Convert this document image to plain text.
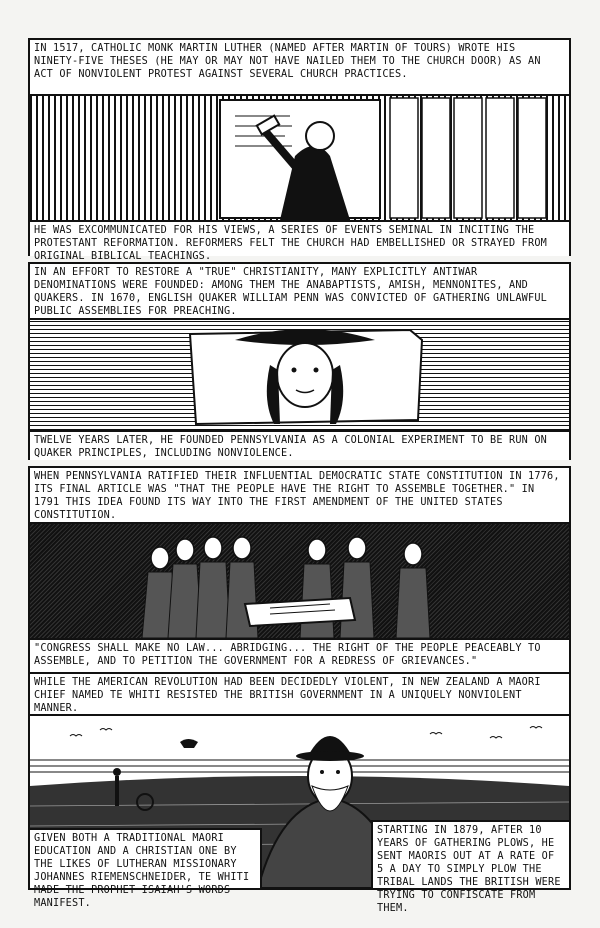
IN 1517, CATHOLIC MONK MARTIN LUTHER (NAMED AFTER MARTIN OF TOURS) WROTE HIS NINETY-FIVE THESES (HE MAY OR MAY NOT HAVE NAILED THEM TO THE CHURCH DOOR) AS AN ACT OF NONVIOLENT PROTEST AGAINST SEVERAL CHURCH PRACTICES.
HE WAS EXCOMMUNICATED FOR HIS VIEWS, A SERIES OF EVENTS SEMINAL IN INCITING THE PROTESTANT REFORMATION. REFORMERS FELT THE CHURCH HAD EMBELLISHED OR STRAYED FROM ORIGINAL BIBLICAL TEACHINGS.
IN AN EFFORT TO RESTORE A "TRUE" CHRISTIANITY, MANY EXPLICITLY ANTIWAR DENOMINATIONS WERE FOUNDED: AMONG THEM THE ANABAPTISTS, AMISH, MENNONITES, AND QUAKERS. IN 1670, ENGLISH QUAKER WILLIAM PENN WAS CONVICTED OF GATHERING UNLAWFUL PUBLIC ASSEMBLIES FOR PREACHING.
TWELVE YEARS LATER, HE FOUNDED PENNSYLVANIA AS A COLONIAL EXPERIMENT TO BE RUN ON QUAKER PRINCIPLES, INCLUDING NONVIOLENCE.
WHEN PENNSYLVANIA RATIFIED THEIR INFLUENTIAL DEMOCRATIC STATE CONSTITUTION IN 1776, ITS FINAL ARTICLE WAS "THAT THE PEOPLE HAVE THE RIGHT TO ASSEMBLE TOGETHER." IN 1791 THIS IDEA FOUND ITS WAY INTO THE FIRST AMENDMENT OF THE UNITED STATES CONSTITUTION.
"CONGRESS SHALL MAKE NO LAW... ABRIDGING... THE RIGHT OF THE PEOPLE PEACEABLY TO ASSEMBLE, AND TO PETITION THE GOVERNMENT FOR A REDRESS OF GRIEVANCES."
WHILE THE AMERICAN REVOLUTION HAD BEEN DECIDEDLY VIOLENT, IN NEW ZEALAND A MAORI CHIEF NAMED TE WHITI RESISTED THE BRITISH GOVERNMENT IN A UNIQUELY NONVIOLENT MANNER.
GIVEN BOTH A TRADITIONAL MAORI EDUCATION AND A CHRISTIAN ONE BY THE LIKES OF LUTHERAN MISSIONARY JOHANNES RIEMENSCHNEIDER, TE WHITI MADE THE PROPHET ISAIAH'S WORDS MANIFEST.
STARTING IN 1879, AFTER 10 YEARS OF GATHERING PLOWS, HE SENT MAORIS OUT AT A RATE OF 5 A DAY TO SIMPLY PLOW THE TRIBAL LANDS THE BRITISH WERE TRYING TO CONFISCATE FROM THEM.
